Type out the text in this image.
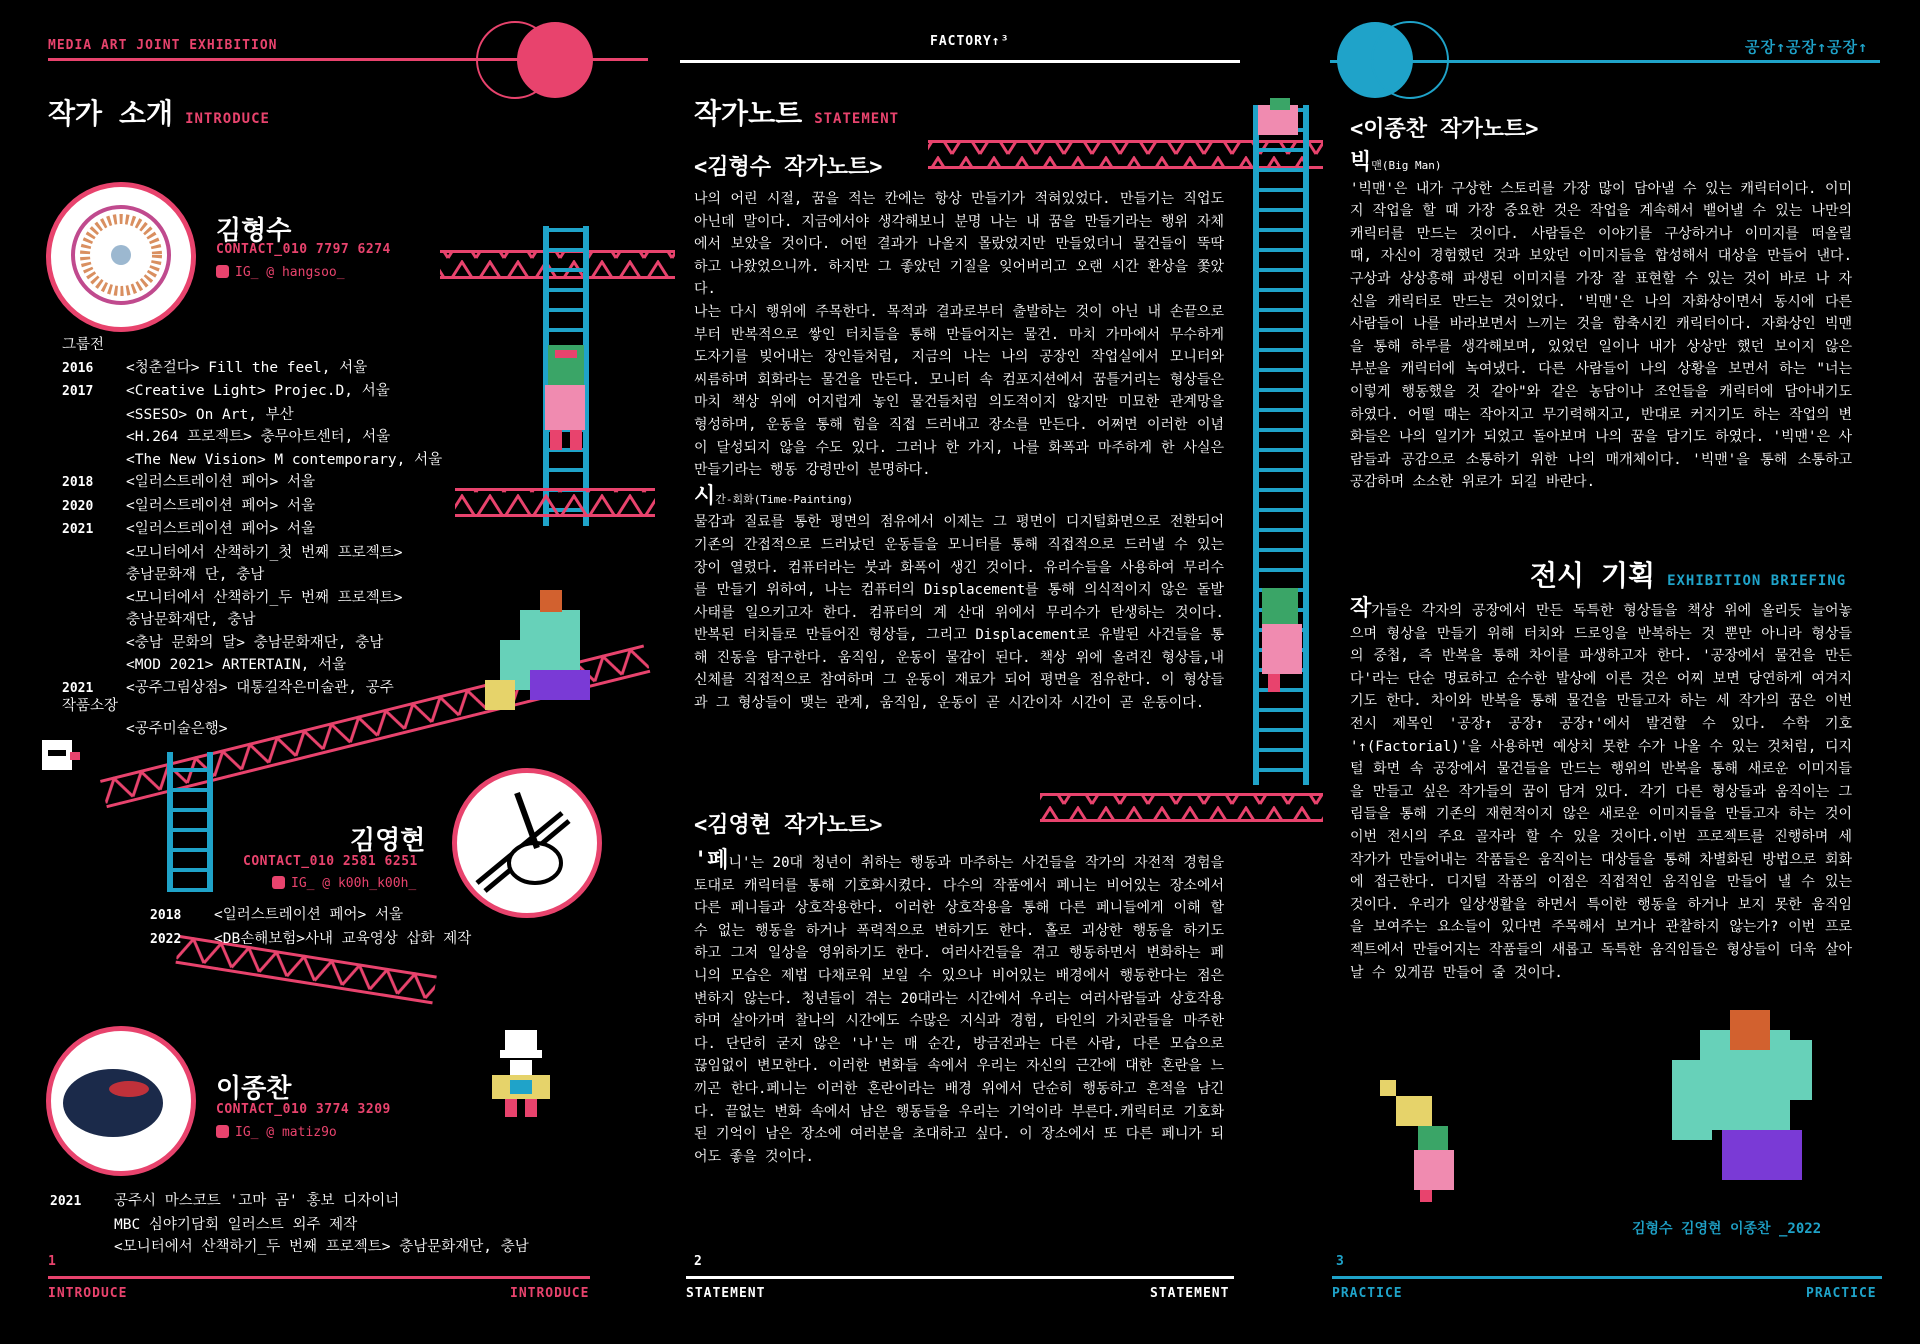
MEDIA ART JOINT EXHIBITION
작가 소개 INTRODUCE
김형수
CONTACT_010 7797 6274
IG_ @ hangsoo_
그룹전
2016 <청춘걸다> Fill the feel, 서울
2017 <Creative Light> Projec.D, 서울
<SSESO> On Art, 부산
<H.264 프로젝트> 충무아트센터, 서울
<The New Vision> M contemporary, 서울
2018 <일러스트레이션 페어> 서울
2020 <일러스트레이션 페어> 서울
2021 <일러스트레이션 페어> 서울
<모니터에서 산책하기_첫 번째 프로젝트>
충남문화재 단, 충남
<모니터에서 산책하기_두 번째 프로젝트>
충남문화재단, 충남
<충남 문화의 달> 충남문화재단, 충남
<MOD 2021> ARTERTAIN, 서울
2021 <공주그림상점> 대통길작은미술관, 공주
작품소장
<공주미술은행>
김영현
CONTACT_010 2581 6251
IG_ @ k00h_k00h_
2018 <일러스트레이션 페어> 서울
2022 <DB손해보험>사내 교육영상 삽화 제작
이종찬
CONTACT_010 3774 3209
IG_ @ matiz9o
2021 공주시 마스코트 '고마 곰' 홍보 디자이너
MBC 심야기담회 일러스트 외주 제작
<모니터에서 산책하기_두 번째 프로젝트> 충남문화재단, 충남
1
INTRODUCE	INTRODUCE
FACTORY↑³
작가노트 STATEMENT
<김형수 작가노트>
나의 어린 시절, 꿈을 적는 칸에는 항상 만들기가 적혀있었다. 만들기는 직업도 아닌데 말이다. 지금에서야 생각해보니 분명 나는 내 꿈을 만들기라는 행위 자체에서 보았을 것이다. 어떤 결과가 나올지 몰랐었지만 만들었더니 물건들이 뚝딱 하고 나왔었으니까. 하지만 그 좋았던 기질을 잊어버리고 오랜 시간 환상을 쫓았다.
나는 다시 행위에 주목한다. 목적과 결과로부터 출발하는 것이 아닌 내 손끝으로부터 반복적으로 쌓인 터치들을 통해 만들어지는 물건. 마치 가마에서 무수하게 도자기를 빚어내는 장인들처럼, 지금의 나는 나의 공장인 작업실에서 모니터와 씨름하며 회화라는 물건을 만든다. 모니터 속 컴포지션에서 꿈틀거리는 형상들은 마치 책상 위에 어지럽게 놓인 물건들처럼 의도적이지 않지만 미묘한 관계망을 형성하며, 운동을 통해 힘을 직접 드러내고 장소를 만든다. 어쩌면 이러한 이념이 달성되지 않을 수도 있다. 그러나 한 가지, 나를 화폭과 마주하게 한 사실은 만들기라는 행동 강령만이 분명하다.
시간-회화(Time-Painting)
물감과 질료를 통한 평면의 점유에서 이제는 그 평면이 디지털화면으로 전환되어 기존의 간접적으로 드러났던 운동들을 모니터를 통해 직접적으로 드러낼 수 있는 장이 열렸다. 컴퓨터라는 붓과 화폭이 생긴 것이다. 유리수들을 사용하여 무리수를 만들기 위하여, 나는 컴퓨터의 Displacement를 통해 의식적이지 않은 돌발 사태를 일으키고자 한다. 컴퓨터의 계 산대 위에서 무리수가 탄생하는 것이다. 반복된 터치들로 만들어진 형상들, 그리고 Displacement로 유발된 사건들을 통해 진동을 탐구한다. 움직임, 운동이 물감이 된다. 책상 위에 올려진 형상들,내 신체를 직접적으로 참여하며 그 운동이 재료가 되어 평면을 점유한다. 이 형상들과 그 형상들이 맺는 관계, 움직임, 운동이 곧 시간이자 시간이 곧 운동이다.
<김영현 작가노트>
'페니'는 20대 청년이 취하는 행동과 마주하는 사건들을 작가의 자전적 경험을 토대로 캐릭터를 통해 기호화시켰다. 다수의 작품에서 페니는 비어있는 장소에서 다른 페니들과 상호작용한다. 이러한 상호작용을 통해 다른 페니들에게 이해 할 수 없는 행동을 하거나 폭력적으로 변하기도 한다. 홀로 괴상한 행동을 하기도 하고 그저 일상을 영위하기도 한다. 여러사건들을 겪고 행동하면서 변화하는 페니의 모습은 제법 다채로워 보일 수 있으나 비어있는 배경에서 행동한다는 점은 변하지 않는다. 청년들이 겪는 20대라는 시간에서 우리는 여러사람들과 상호작용하며 살아가며 찰나의 시간에도 수많은 지식과 경험, 타인의 가치관들을 마주한다. 단단히 굳지 않은 '나'는 매 순간, 방금전과는 다른 사람, 다른 모습으로 끊임없이 변모한다. 이러한 변화들 속에서 우리는 자신의 근간에 대한 혼란을 느끼곤 한다.페니는 이러한 혼란이라는 배경 위에서 단순히 행동하고 흔적을 남긴다. 끝없는 변화 속에서 남은 행동들을 우리는 기억이라 부른다.캐릭터로 기호화된 기억이 남은 장소에 여러분을 초대하고 싶다. 이 장소에서 또 다른 페니가 되어도 좋을 것이다.
2
STATEMENT	STATEMENT
공장↑공장↑공장↑
<이종찬 작가노트>
빅맨(Big Man)
'빅맨'은 내가 구상한 스토리를 가장 많이 담아낼 수 있는 캐릭터이다. 이미지 작업을 할 때 가장 중요한 것은 작업을 계속해서 뱉어낼 수 있는 나만의 캐릭터를 만드는 것이다. 사람들은 이야기를 구상하거나 이미지를 떠올릴 때, 자신이 경험했던 것과 보았던 이미지들을 합성해서 대상을 만들어 낸다. 구상과 상상흥해 파생된 이미지를 가장 잘 표현할 수 있는 것이 바로 나 자신을 캐릭터로 만드는 것이었다. '빅맨'은 나의 자화상이면서 동시에 다른 사람들이 나를 바라보면서 느끼는 것을 함축시킨 캐릭터이다. 자화상인 빅맨을 통해 하루를 생각해보며, 있었던 일이나 내가 상상만 했던 보이지 않은 부분을 캐릭터에 녹여냈다. 다른 사람들이 나의 상황을 보면서 하는 "너는 이렇게 행동했을 것 같아"와 같은 농담이나 조언들을 캐릭터에 담아내기도 하였다. 어떨 때는 작아지고 무기력해지고, 반대로 커지기도 하는 작업의 변화들은 나의 일기가 되었고 돌아보며 나의 꿈을 담기도 하였다. '빅맨'은 사람들과 공감으로 소통하기 위한 나의 매개체이다. '빅맨'을 통해 소통하고 공감하며 소소한 위로가 되길 바란다.
전시 기획 EXHIBITION BRIEFING
작가들은 각자의 공장에서 만든 독특한 형상들을 책상 위에 올리듯 늘어놓으며 형상을 만들기 위해 터치와 드로잉을 반복하는 것 뿐만 아니라 형상들의 중첩, 즉 반복을 통해 차이를 파생하고자 한다. '공장에서 물건을 만든다'라는 단순 명료하고 순수한 발상에 이른 것은 어찌 보면 당연하게 여겨지기도 한다. 차이와 반복을 통해 물건을 만들고자 하는 세 작가의 꿈은 이번 전시 제목인 '공장↑ 공장↑ 공장↑'에서 발견할 수 있다. 수학 기호 '↑(Factorial)'을 사용하면 예상치 못한 수가 나올 수 있는 것처럼, 디지털 화면 속 공장에서 물건들을 만드는 행위의 반복을 통해 새로운 이미지들을 만들고 싶은 작가들의 꿈이 담겨 있다. 각기 다른 형상들과 움직이는 그림들을 통해 기존의 재현적이지 않은 새로운 이미지들을 만들고자 하는 것이 이번 전시의 주요 골자라 할 수 있을 것이다.이번 프로젝트를 진행하며 세 작가가 만들어내는 작품들은 움직이는 대상들을 통해 차별화된 방법으로 회화에 접근한다. 디지털 작품의 이점은 직접적인 움직임을 만들어 낼 수 있는 것이다. 우리가 일상생활을 하면서 특이한 행동을 하거나 보지 못한 움직임을 보여주는 요소들이 있다면 주목해서 보거나 관찰하지 않는가? 이번 프로젝트에서 만들어지는 작품들의 새롭고 독특한 움직임들은 형상들이 더욱 살아날 수 있게끔 만들어 줄 것이다.
김형수 김영현 이종찬 _2022
3
PRACTICE	PRACTICE
